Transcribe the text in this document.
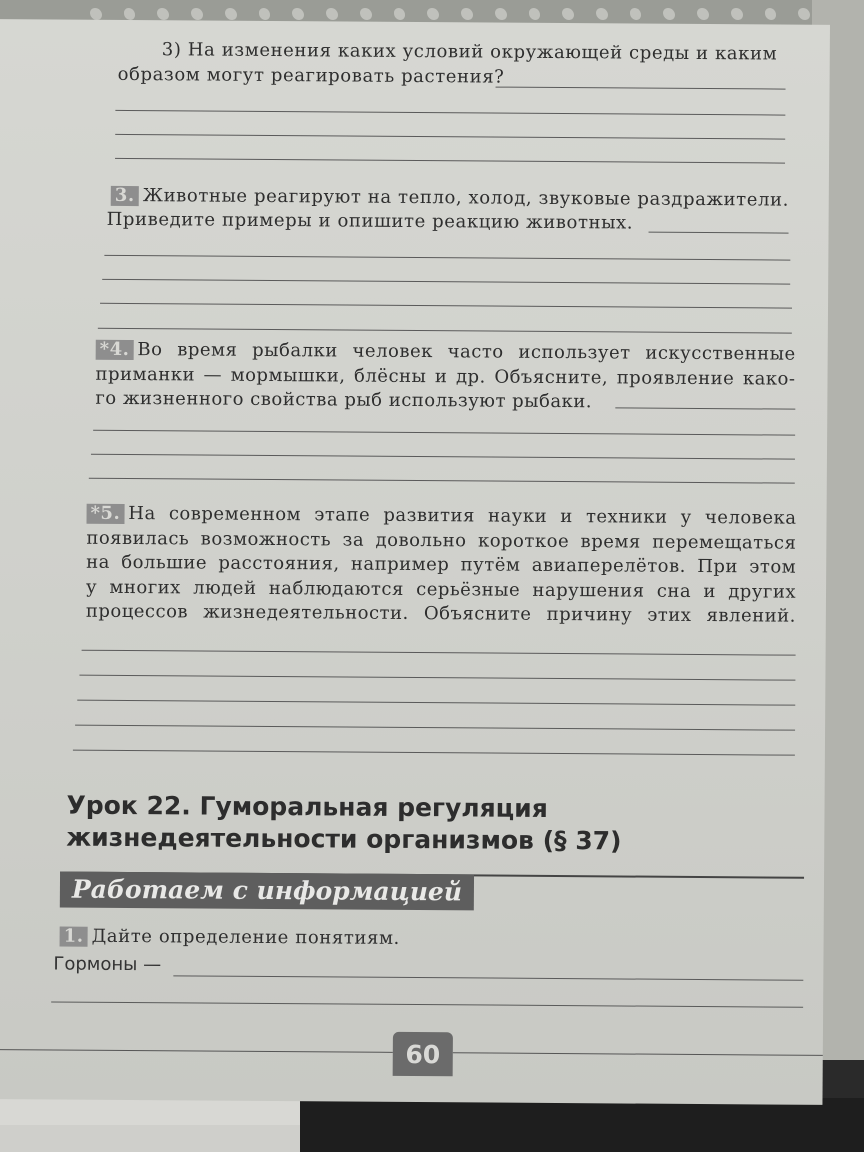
3) На изменения каких условий окружающей среды и каким
образом могут реагировать растения?
3. Животные реагируют на тепло, холод, звуковые раздражители.
Приведите примеры и опишите реакцию животных.
*4. Во время рыбалки человек часто использует искусственные
приманки — мормышки, блёсны и др. Объясните, проявление како-
го жизненного свойства рыб используют рыбаки.
*5. На современном этапе развития науки и техники у человека
появилась возможность за довольно короткое время перемещаться
на большие расстояния, например путём авиаперелётов. При этом
у многих людей наблюдаются серьёзные нарушения сна и других
процессов жизнедеятельности. Объясните причину этих явлений.
Урок 22. Гуморальная регуляция
жизнедеятельности организмов (§ 37)
Работаем с информацией
1. Дайте определение понятиям.
Гормоны —
60
